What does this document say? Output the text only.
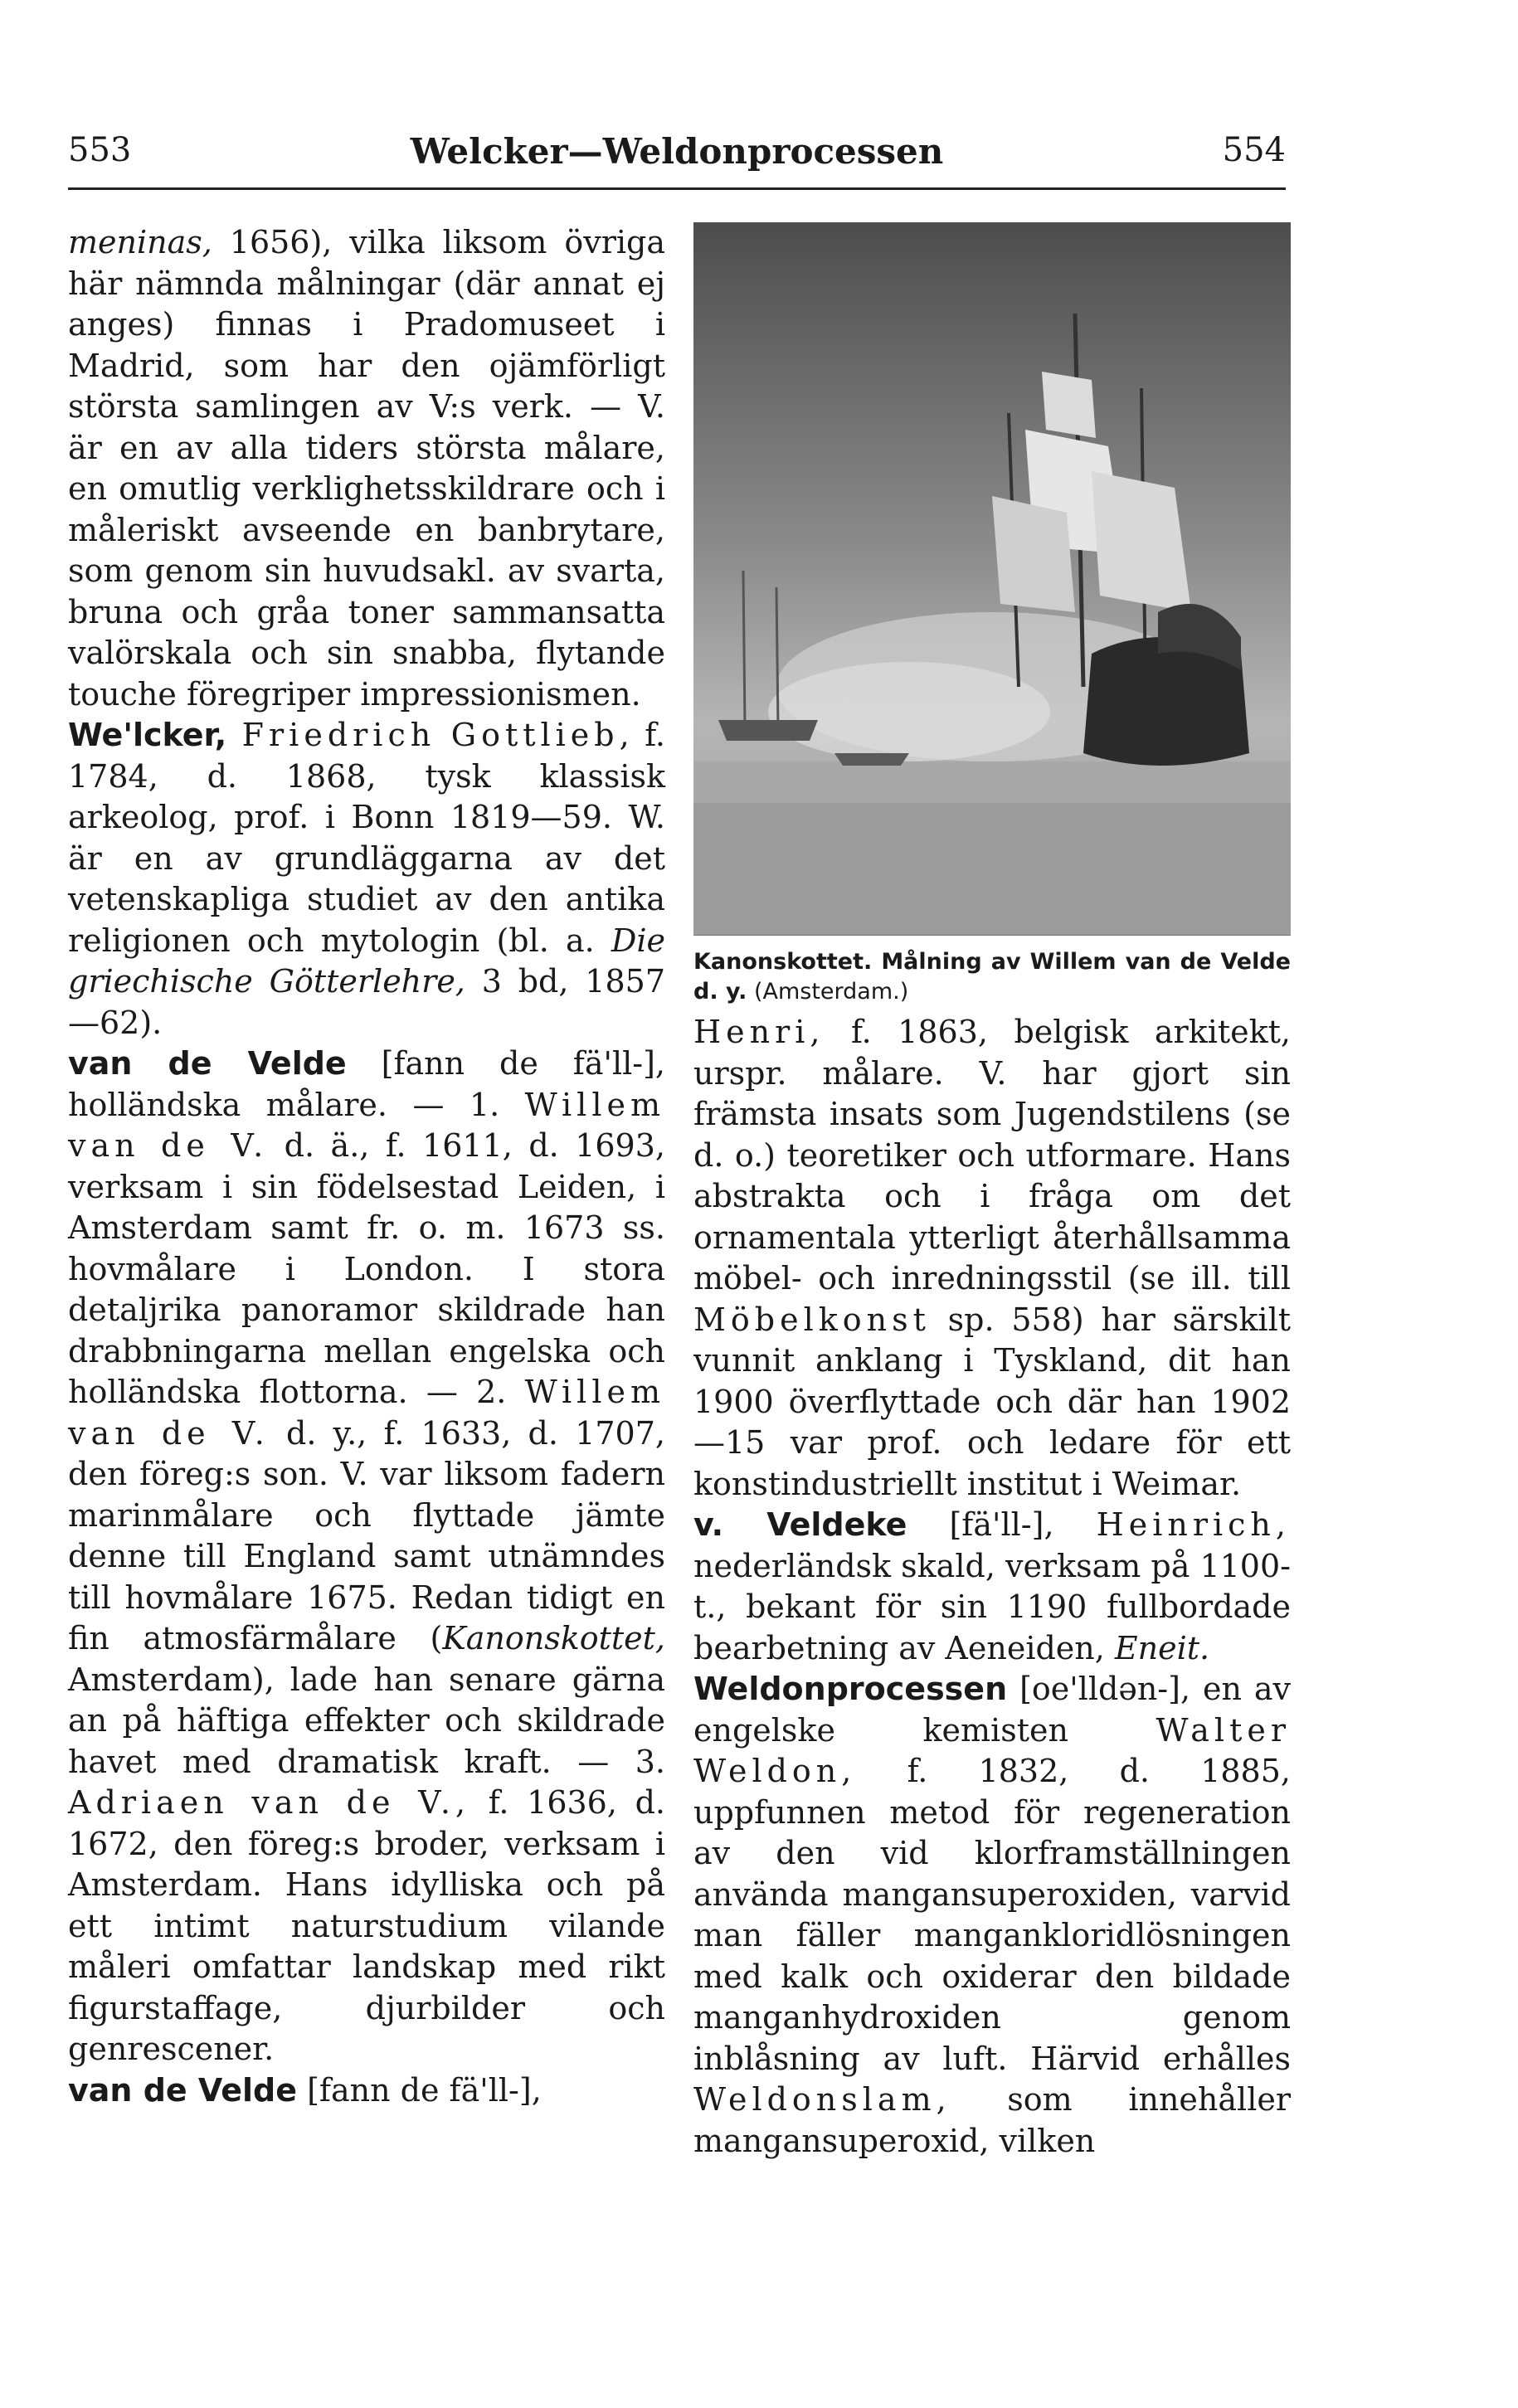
553	Welcker—Weldonprocessen	554

meninas, 1656), vilka liksom övriga här nämnda målningar (där annat ej anges) finnas i Pradomuseet i Madrid, som har den ojämförligt största samlingen av V:s verk. — V. är en av alla tiders största målare, en omutlig verklighetsskildrare och i måleriskt avseende en banbrytare, som genom sin huvudsakl. av svarta, bruna och gråa toner sammansatta valörskala och sin snabba, flytande touche föregriper impressionismen.

We'lcker, Friedrich Gottlieb, f. 1784, d. 1868, tysk klassisk arkeolog, prof. i Bonn 1819—59. W. är en av grundläggarna av det vetenskapliga studiet av den antika religionen och mytologin (bl. a. Die griechische Götterlehre, 3 bd, 1857—62).

van de Velde [fann de fä'll-], holländska målare. — 1. Willem van de V. d. ä., f. 1611, d. 1693, verksam i sin födelsestad Leiden, i Amsterdam samt fr. o. m. 1673 ss. hovmålare i London. I stora detaljrika panoramor skildrade han drabbningarna mellan engelska och holländska flottorna. — 2. Willem van de V. d. y., f. 1633, d. 1707, den föreg:s son. V. var liksom fadern marinmålare och flyttade jämte denne till England samt utnämndes till hovmålare 1675. Redan tidigt en fin atmosfärmålare (Kanonskottet, Amsterdam), lade han senare gärna an på häftiga effekter och skildrade havet med dramatisk kraft. — 3. Adriaen van de V., f. 1636, d. 1672, den föreg:s broder, verksam i Amsterdam. Hans idylliska och på ett intimt naturstudium vilande måleri omfattar landskap med rikt figurstaffage, djurbilder och genrescener.

van de Velde [fann de fä'll-],

Kanonskottet. Målning av Willem van de Velde d. y. (Amsterdam.)

Henri, f. 1863, belgisk arkitekt, urspr. målare. V. har gjort sin främsta insats som Jugendstilens (se d. o.) teoretiker och utformare. Hans abstrakta och i fråga om det ornamentala ytterligt återhållsamma möbel- och inredningsstil (se ill. till Möbelkonst sp. 558) har särskilt vunnit anklang i Tyskland, dit han 1900 överflyttade och där han 1902—15 var prof. och ledare för ett konstindustriellt institut i Weimar.

v. Veldeke [fä'll-], Heinrich, nederländsk skald, verksam på 1100-t., bekant för sin 1190 fullbordade bearbetning av Aeneiden, Eneit.

Weldonprocessen [oe'lldən-], en av engelske kemisten Walter Weldon, f. 1832, d. 1885, uppfunnen metod för regeneration av den vid klorframställningen använda mangansuperoxiden, varvid man fäller mangankloridlösningen med kalk och oxiderar den bildade manganhydroxiden genom inblåsning av luft. Härvid erhålles Weldonslam, som innehåller mangansuperoxid, vilken
